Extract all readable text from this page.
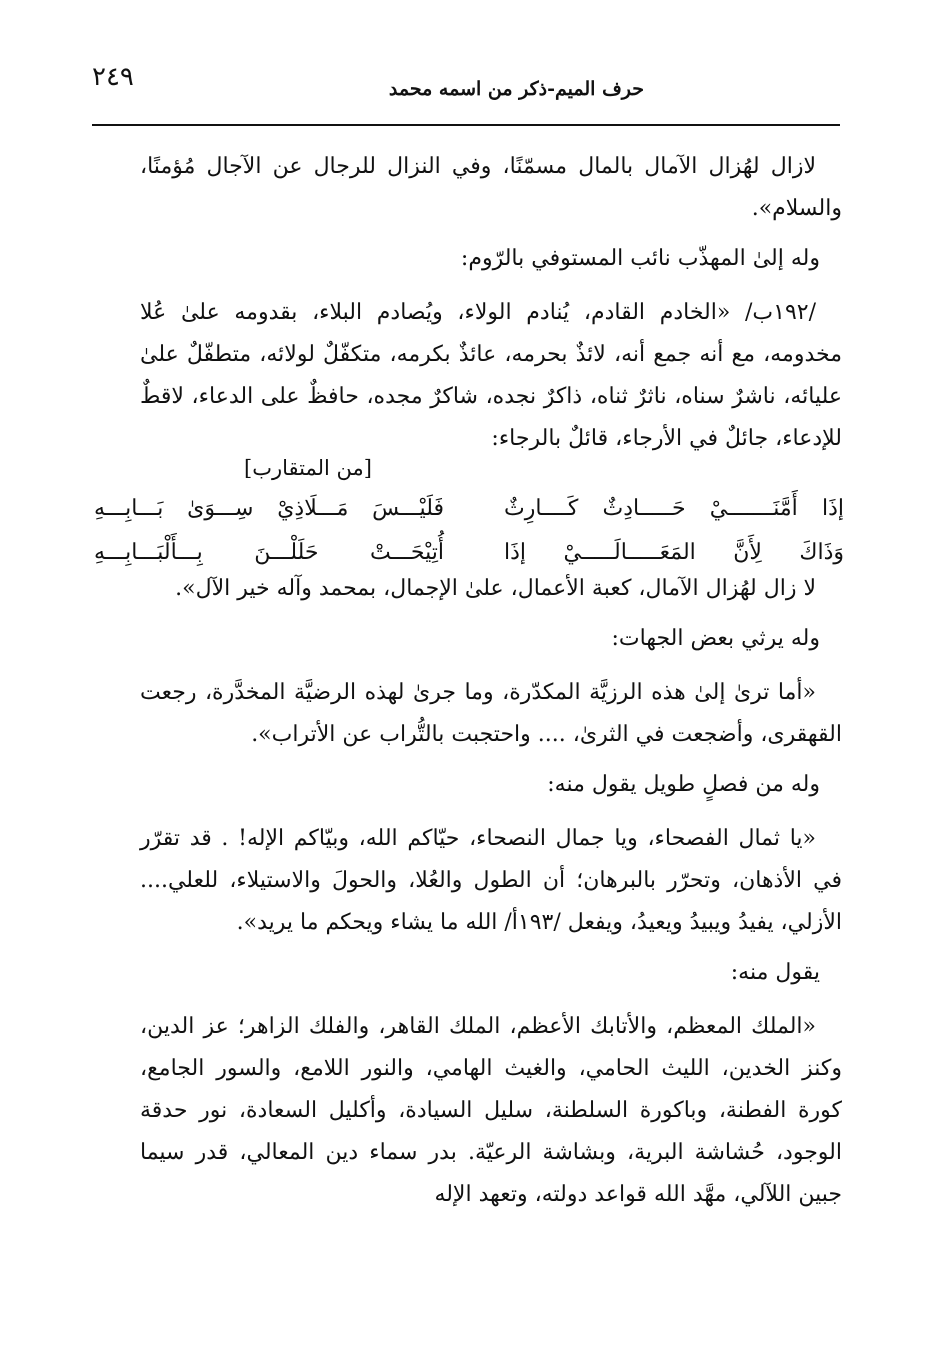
٢٤٩	حرف الميم-ذكر من اسمه محمد

لازال لهُزال الآمال بالمال مسمّنًا، وفي النزال للرجال عن الآجال مُؤمنًا، والسلام».

وله إلىٰ المهذّب نائب المستوفي بالرّوم:

/١٩٢ب/ «الخادم القادم، يُنادم الولاء، ويُصادم البلاء، بقدومه علىٰ عُلا مخدومه، مع أنه جمع أنه، لائذٌ بحرمه، عائذٌ بكرمه، متكفّلٌ لولائه، متطفّلٌ علىٰ عليائه، ناشرٌ سناه، ناثرٌ ثناه، ذاكرٌ نجده، شاكرٌ مجده، حافظٌ على الدعاء، لاقطٌ للإدعاء، جائلٌ في الأرجاء، قائلٌ بالرجاء:

لا زال لهُزال الآمال، كعبة الأعمال، علىٰ الإجمال، بمحمد وآله خير الآل».

وله يرثي بعض الجهات:

«أما ترىٰ إلىٰ هذه الرزيَّة المكدّرة، وما جرىٰ لهذه الرضيَّة المخدَّرة، رجعت القهقرى، وأضجعت في الثرىٰ، .... واحتجبت بالتُّراب عن الأتراب».

وله من فصلٍ طويل يقول منه:

«يا ثمال الفصحاء، ويا جمال النصحاء، حيّاكم الله، وبيّاكم الإله! . قد تقرّر في الأذهان، وتحرّر بالبرهان؛ أن الطول والعُلا، والحولَ والاستيلاء، للعلي.... الأزلي، يفيدُ ويبيدُ ويعيدُ، ويفعل /١٩٣أ/ الله ما يشاء ويحكم ما يريد».

يقول منه:

«الملك المعظم، والأتابك الأعظم، الملك القاهر، والفلك الزاهر؛ عز الدين، وكنز الخدين، الليث الحامي، والغيث الهامي، والنور اللامع، والسور الجامع، كورة الفطنة، وباكورة السلطنة، سليل السيادة، وأكليل السعادة، نور حدقة الوجود، حُشاشة البرية، وبشاشة الرعيّة. بدر سماء دين المعالي، قدر سيما جبين اللآلي، مهَّد الله قواعد دولته، وتعهد الإله

[من المتقارب]
إذَا أَمَّنَـــــــيْ حَـــــادِثٌ كَــــارِثٌ
فَلَيْـــسَ مَـــلَاذِيْ سِـــوَىٰ بَـــابِـــهِ
وَذَاكَ لِأَنَّ المَعَـــــالَـــــيْ إذَا
أُتِيْحَـــتْ حَلَلْـــنَ بِـــأَلْبَـــابِـــهِ
